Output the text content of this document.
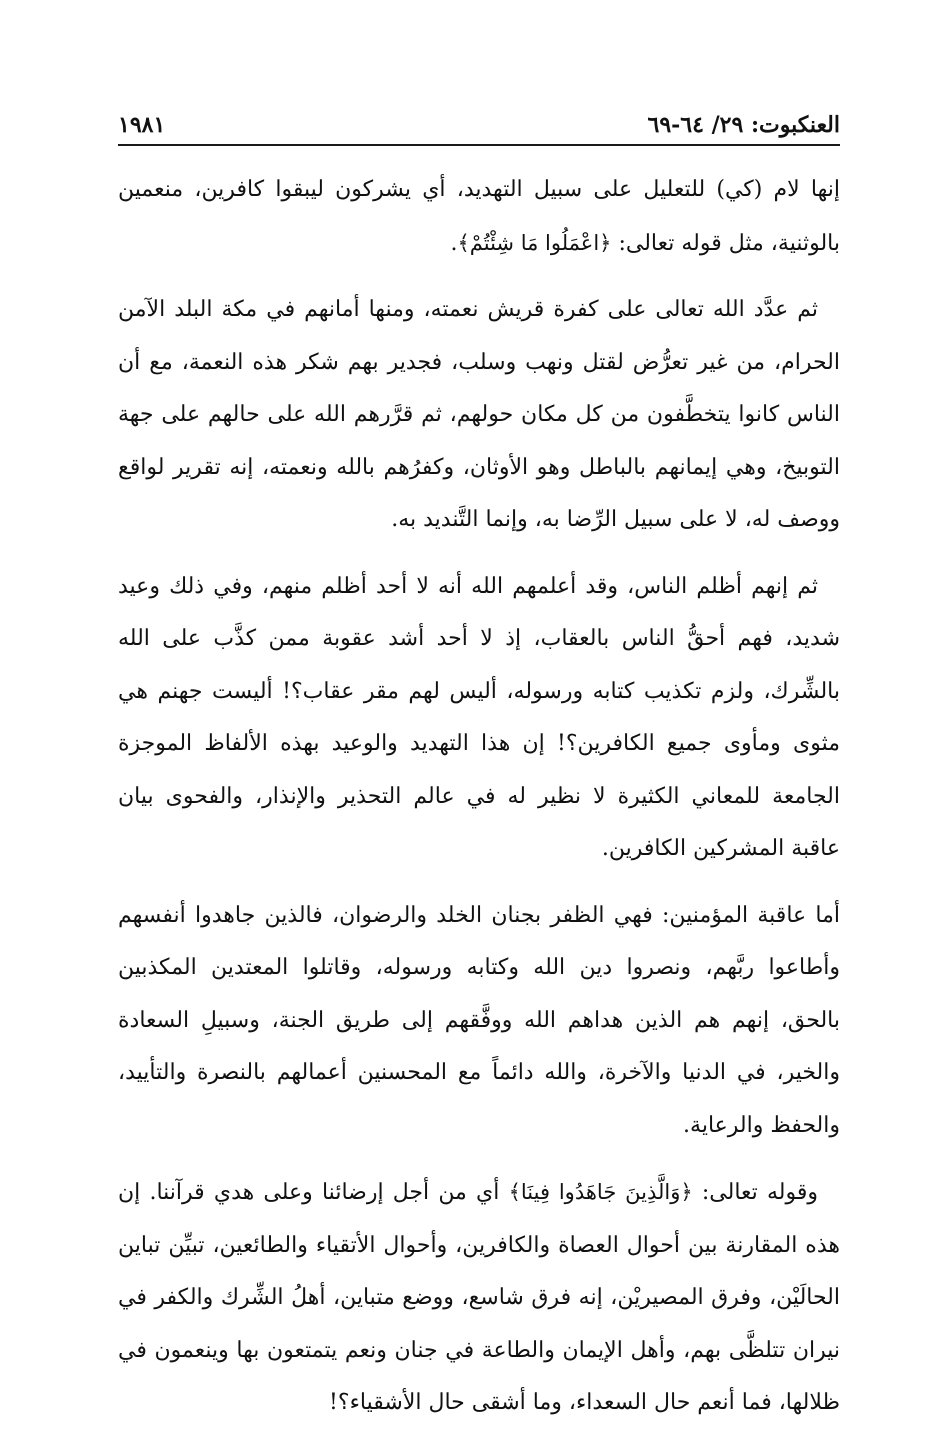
العنكبوت: ٢٩/ ٦٤-٦٩
١٩٨١

إنها لام (كي) للتعليل على سبيل التهديد، أي يشركون ليبقوا كافرين، منعمين بالوثنية، مثل قوله تعالى: ﴿اعْمَلُوا مَا شِئْتُمْ﴾.

ثم عدَّد الله تعالى على كفرة قريش نعمته، ومنها أمانهم في مكة البلد الآمن الحرام، من غير تعرُّض لقتل ونهب وسلب، فجدير بهم شكر هذه النعمة، مع أن الناس كانوا يتخطَّفون من كل مكان حولهم، ثم قرَّرهم الله على حالهم على جهة التوبيخ، وهي إيمانهم بالباطل وهو الأوثان، وكفرُهم بالله ونعمته، إنه تقرير لواقع ووصف له، لا على سبيل الرِّضا به، وإنما التَّنديد به.

ثم إنهم أظلم الناس، وقد أعلمهم الله أنه لا أحد أظلم منهم، وفي ذلك وعيد شديد، فهم أحقُّ الناس بالعقاب، إذ لا أحد أشد عقوبة ممن كذَّب على الله بالشِّرك، ولزم تكذيب كتابه ورسوله، أليس لهم مقر عقاب؟! أليست جهنم هي مثوى ومأوى جميع الكافرين؟! إن هذا التهديد والوعيد بهذه الألفاظ الموجزة الجامعة للمعاني الكثيرة لا نظير له في عالم التحذير والإنذار، والفحوى بيان عاقبة المشركين الكافرين.

أما عاقبة المؤمنين: فهي الظفر بجنان الخلد والرضوان، فالذين جاهدوا أنفسهم وأطاعوا ربَّهم، ونصروا دين الله وكتابه ورسوله، وقاتلوا المعتدين المكذبين بالحق، إنهم هم الذين هداهم الله ووفَّقهم إلى طريق الجنة، وسبيلِ السعادة والخير، في الدنيا والآخرة، والله دائماً مع المحسنين أعمالهم بالنصرة والتأييد، والحفظ والرعاية.

وقوله تعالى: ﴿وَالَّذِينَ جَاهَدُوا فِينَا﴾ أي من أجل إرضائنا وعلى هدي قرآننا. إن هذه المقارنة بين أحوال العصاة والكافرين، وأحوال الأتقياء والطائعين، تبيِّن تباين الحالَيْن، وفرق المصيريْن، إنه فرق شاسع، ووضع متباين، أهلُ الشِّرك والكفر في نيران تتلظَّى بهم، وأهل الإيمان والطاعة في جنان ونعم يتمتعون بها وينعمون في ظلالها، فما أنعم حال السعداء، وما أشقى حال الأشقياء؟!
